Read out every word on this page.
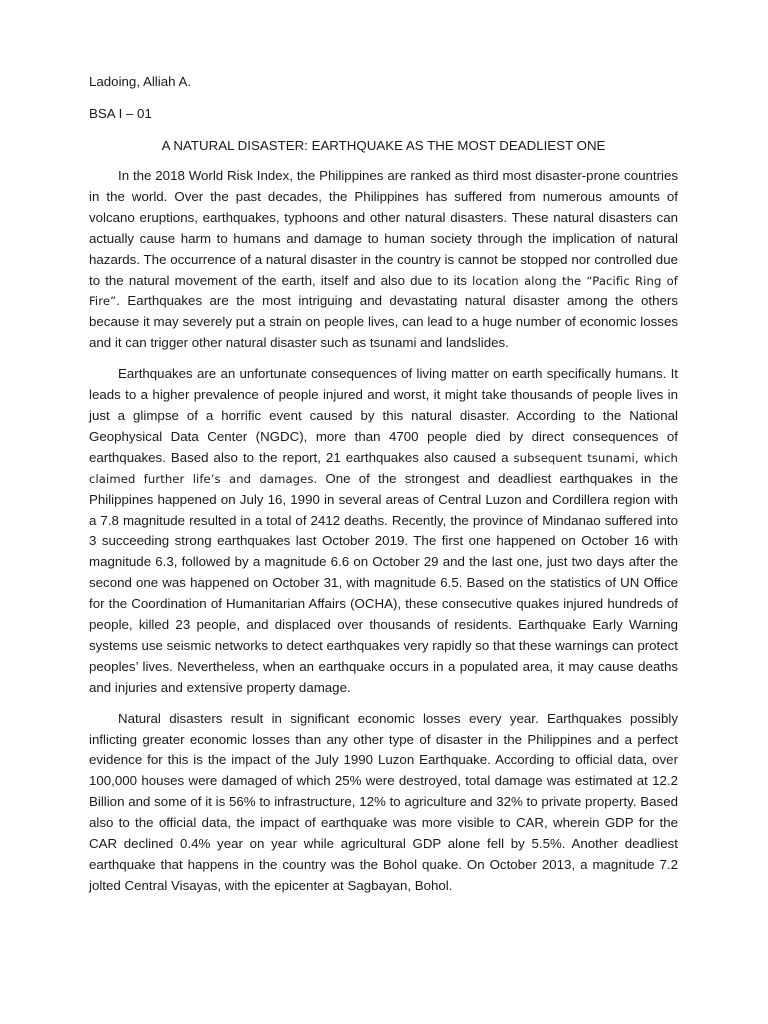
Ladoing, Alliah A.
BSA I – 01
A NATURAL DISASTER: EARTHQUAKE AS THE MOST DEADLIEST ONE

In the 2018 World Risk Index, the Philippines are ranked as third most disaster-prone countries in the world. Over the past decades, the Philippines has suffered from numerous amounts of volcano eruptions, earthquakes, typhoons and other natural disasters. These natural disasters can actually cause harm to humans and damage to human society through the implication of natural hazards. The occurrence of a natural disaster in the country is cannot be stopped nor controlled due to the natural movement of the earth, itself and also due to its location along the “Pacific Ring of Fire”. Earthquakes are the most intriguing and devastating natural disaster among the others because it may severely put a strain on people lives, can lead to a huge number of economic losses and it can trigger other natural disaster such as tsunami and landslides.

Earthquakes are an unfortunate consequences of living matter on earth specifically humans. It leads to a higher prevalence of people injured and worst, it might take thousands of people lives in just a glimpse of a horrific event caused by this natural disaster. According to the National Geophysical Data Center (NGDC), more than 4700 people died by direct consequences of earthquakes. Based also to the report, 21 earthquakes also caused a subsequent tsunami, which claimed further life’s and damages. One of the strongest and deadliest earthquakes in the Philippines happened on July 16, 1990 in several areas of Central Luzon and Cordillera region with a 7.8 magnitude resulted in a total of 2412 deaths. Recently, the province of Mindanao suffered into 3 succeeding strong earthquakes last October 2019. The first one happened on October 16 with magnitude 6.3, followed by a magnitude 6.6 on October 29 and the last one, just two days after the second one was happened on October 31, with magnitude 6.5. Based on the statistics of UN Office for the Coordination of Humanitarian Affairs (OCHA), these consecutive quakes injured hundreds of people, killed 23 people, and displaced over thousands of residents. Earthquake Early Warning systems use seismic networks to detect earthquakes very rapidly so that these warnings can protect peoples’ lives. Nevertheless, when an earthquake occurs in a populated area, it may cause deaths and injuries and extensive property damage.

Natural disasters result in significant economic losses every year. Earthquakes possibly inflicting greater economic losses than any other type of disaster in the Philippines and a perfect evidence for this is the impact of the July 1990 Luzon Earthquake. According to official data, over 100,000 houses were damaged of which 25% were destroyed, total damage was estimated at 12.2 Billion and some of it is 56% to infrastructure, 12% to agriculture and 32% to private property. Based also to the official data, the impact of earthquake was more visible to CAR, wherein GDP for the CAR declined 0.4% year on year while agricultural GDP alone fell by 5.5%. Another deadliest earthquake that happens in the country was the Bohol quake. On October 2013, a magnitude 7.2 jolted Central Visayas, with the epicenter at Sagbayan, Bohol.
